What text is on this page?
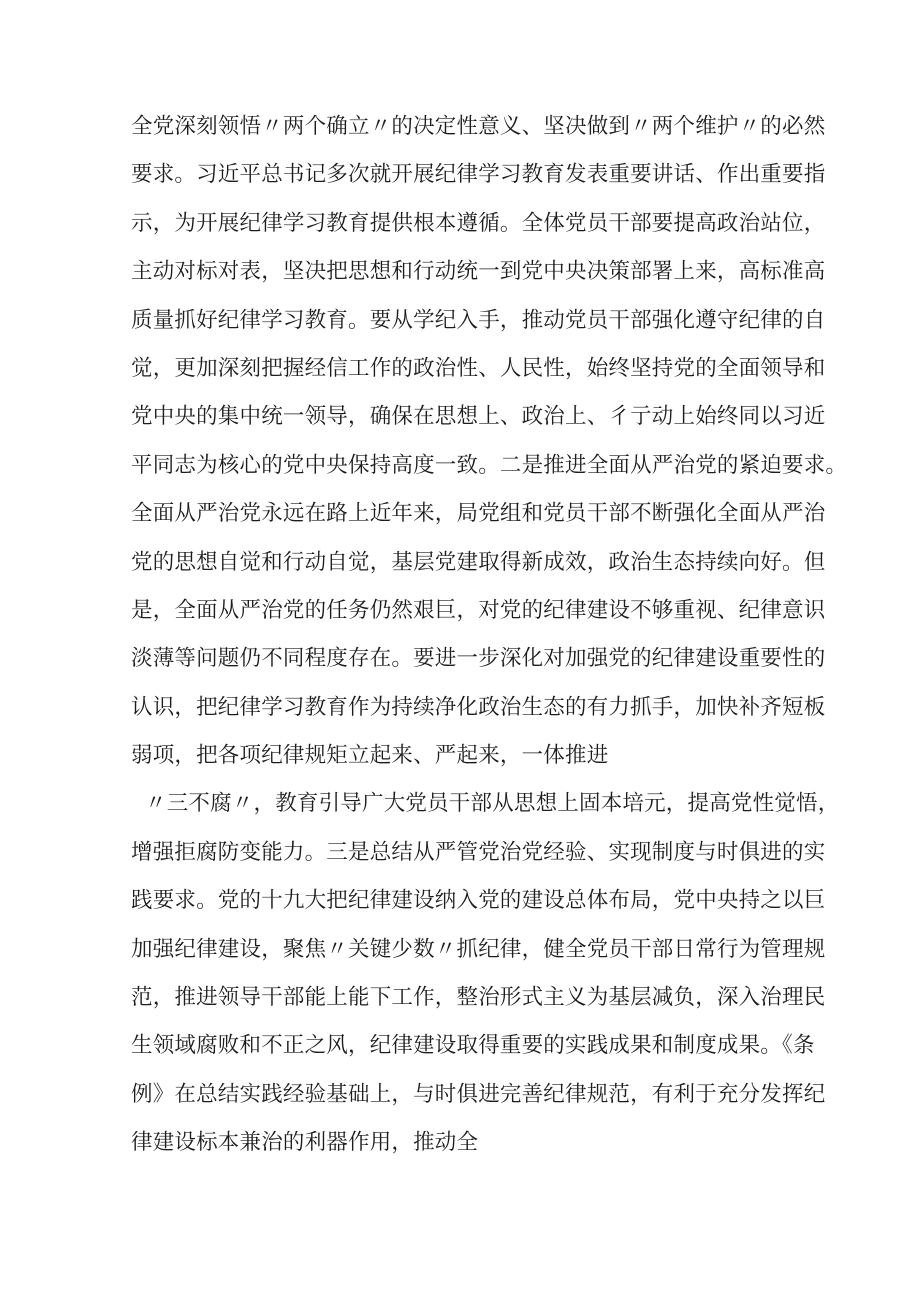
全党深刻领悟〃两个确立〃的决定性意义、坚决做到〃两个维护〃的必然
要求。习近平总书记多次就开展纪律学习教育发表重要讲话、作出重要指
示，为开展纪律学习教育提供根本遵循。全体党员干部要提高政治站位，
主动对标对表，坚决把思想和行动统一到党中央决策部署上来，高标准高
质量抓好纪律学习教育。要从学纪入手，推动党员干部强化遵守纪律的自
觉，更加深刻把握经信工作的政治性、人民性，始终坚持党的全面领导和
党中央的集中统一领导，确保在思想上、政治上、彳亍动上始终同以习近
平同志为核心的党中央保持高度一致。二是推进全面从严治党的紧迫要求。
全面从严治党永远在路上近年来，局党组和党员干部不断强化全面从严治
党的思想自觉和行动自觉，基层党建取得新成效，政治生态持续向好。但
是，全面从严治党的任务仍然艰巨，对党的纪律建设不够重视、纪律意识
淡薄等问题仍不同程度存在。要进一步深化对加强党的纪律建设重要性的
认识，把纪律学习教育作为持续净化政治生态的有力抓手，加快补齐短板
弱项，把各项纪律规矩立起来、严起来，一体推进
〃三不腐〃，教育引导广大党员干部从思想上固本培元，提高党性觉悟，
增强拒腐防变能力。三是总结从严管党治党经验、实现制度与时俱进的实
践要求。党的十九大把纪律建设纳入党的建设总体布局，党中央持之以巨
加强纪律建设，聚焦〃关键少数〃抓纪律，健全党员干部日常行为管理规
范，推进领导干部能上能下工作，整治形式主义为基层减负，深入治理民
生领域腐败和不正之风，纪律建设取得重要的实践成果和制度成果。《条
例》在总结实践经验基础上，与时俱进完善纪律规范，有利于充分发挥纪
律建设标本兼治的利器作用，推动全
